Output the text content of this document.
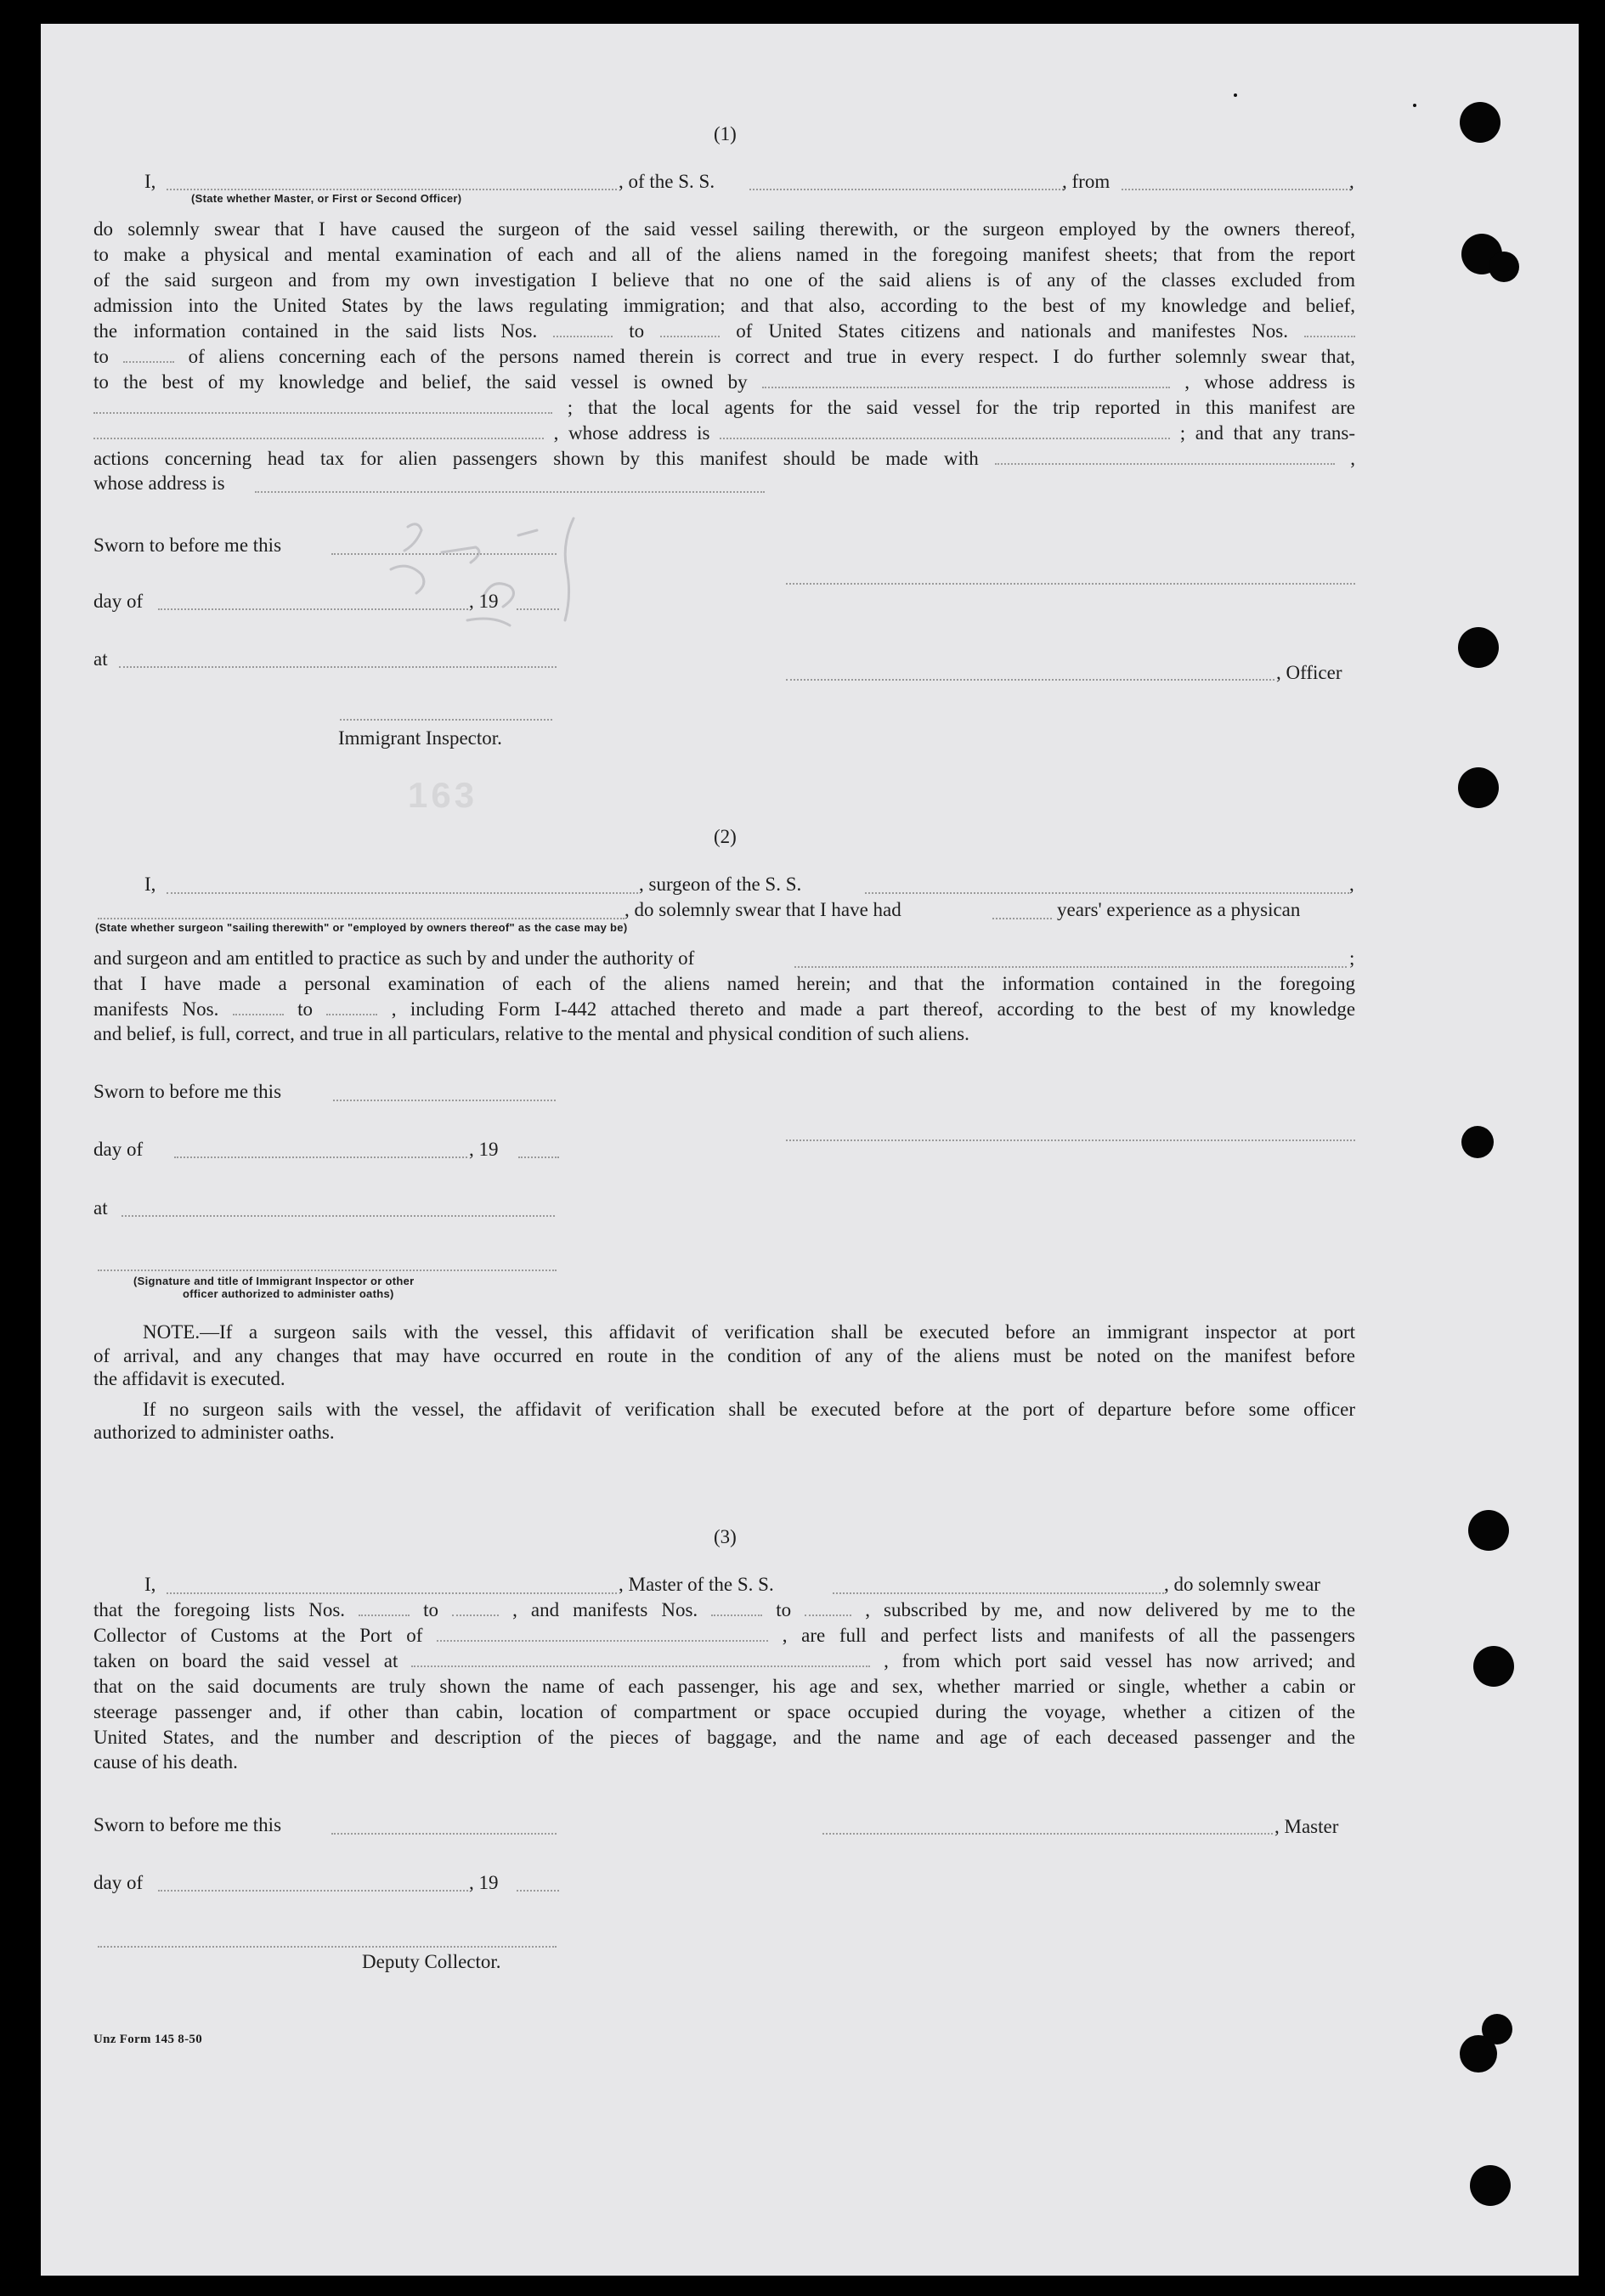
163
(1)
I,	, of the S. S.	, from	,
(State whether Master, or First or Second Officer)
do solemnly swear that I have caused the surgeon of the said vessel sailing therewith, or the surgeon employed by the owners thereof,
to make a physical and mental examination of each and all of the aliens named in the foregoing manifest sheets; that from the report
of the said surgeon and from my own investigation I believe that no one of the said aliens is of any of the classes excluded from
admission into the United States by the laws regulating immigration; and that also, according to the best of my knowledge and belief,
the information contained in the said lists Nos.	to	of United States citizens and nationals and manifestes Nos.
to	of aliens concerning each of the persons named therein is correct and true in every respect. I do further solemnly swear that,
to the best of my knowledge and belief, the said vessel is owned by	, whose address is
; that the local agents for the said vessel for the trip reported in this manifest are
, whose address is	; and that any trans-
actions concerning head tax for alien passengers shown by this manifest should be made with	,
whose address is
Sworn to before me this
day of	, 19
at
, Officer
Immigrant Inspector.
(2)
I,	, surgeon of the S. S.	,
, do solemnly swear that I have had	years' experience as a physican
(State whether surgeon "sailing therewith" or "employed by owners thereof" as the case may be)
and surgeon and am entitled to practice as such by and under the authority of	;
that I have made a personal examination of each of the aliens named herein; and that the information contained in the foregoing
manifests Nos.	to	, including Form I-442 attached thereto and made a part thereof, according to the best of my knowledge
and belief, is full, correct, and true in all particulars, relative to the mental and physical condition of such aliens.
Sworn to before me this
day of	, 19
at
(Signature and title of Immigrant Inspector or other
officer authorized to administer oaths)
NOTE.—If a surgeon sails with the vessel, this affidavit of verification shall be executed before an immigrant inspector at port
of arrival, and any changes that may have occurred en route in the condition of any of the aliens must be noted on the manifest before
the affidavit is executed.
If no surgeon sails with the vessel, the affidavit of verification shall be executed before at the port of departure before some officer
authorized to administer oaths.
(3)
I,	, Master of the S. S.	, do solemnly swear
that the foregoing lists Nos.	to	, and manifests Nos.	to	, subscribed by me, and now delivered by me to the
Collector of Customs at the Port of	, are full and perfect lists and manifests of all the passengers
taken on board the said vessel at	, from which port said vessel has now arrived; and
that on the said documents are truly shown the name of each passenger, his age and sex, whether married or single, whether a cabin or
steerage passenger and, if other than cabin, location of compartment or space occupied during the voyage, whether a citizen of the
United States, and the number and description of the pieces of baggage, and the name and age of each deceased passenger and the
cause of his death.
Sworn to before me this	, Master
day of	, 19
Deputy Collector.
Unz Form 145 8-50
